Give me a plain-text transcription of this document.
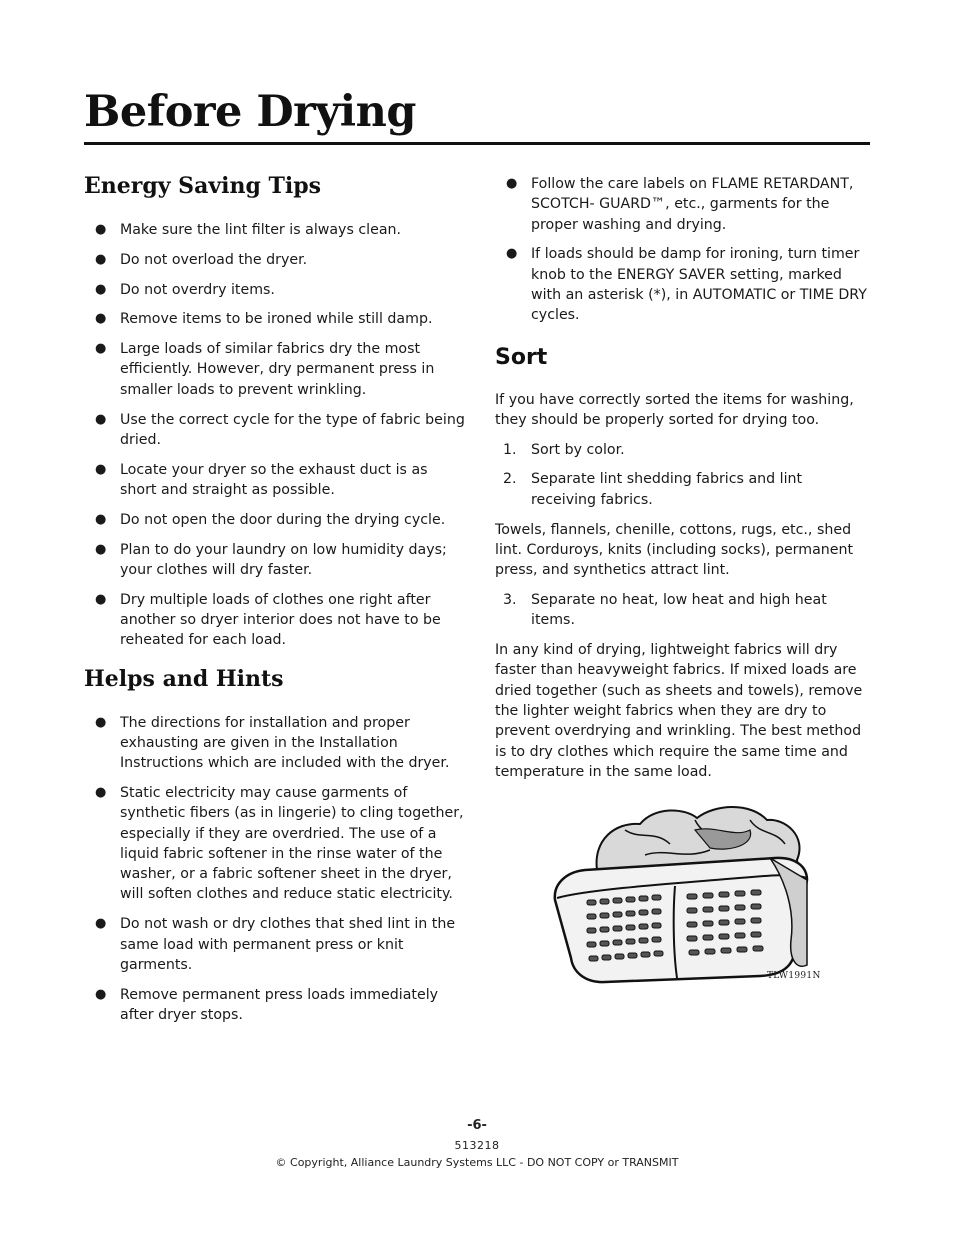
Before Drying
Energy Saving Tips
● Make sure the lint filter is always clean.
● Do not overload the dryer.
● Do not overdry items.
● Remove items to be ironed while still damp.
● Large loads of similar fabrics dry the most efficiently. However, dry permanent press in smaller loads to prevent wrinkling.
● Use the correct cycle for the type of fabric being dried.
● Locate your dryer so the exhaust duct is as short and straight as possible.
● Do not open the door during the drying cycle.
● Plan to do your laundry on low humidity days; your clothes will dry faster.
● Dry multiple loads of clothes one right after another so dryer interior does not have to be reheated for each load.
Helps and Hints
● The directions for installation and proper exhausting are given in the Installation Instructions which are included with the dryer.
● Static electricity may cause garments of synthetic fibers (as in lingerie) to cling together, especially if they are overdried. The use of a liquid fabric softener in the rinse water of the washer, or a fabric softener sheet in the dryer, will soften clothes and reduce static electricity.
● Do not wash or dry clothes that shed lint in the same load with permanent press or knit garments.
● Remove permanent press loads immediately after dryer stops.
● Follow the care labels on FLAME RETARDANT, SCOTCH- GUARD™, etc., garments for the proper washing and drying.
● If loads should be damp for ironing, turn timer knob to the ENERGY SAVER setting, marked with an asterisk (*), in AUTOMATIC or TIME DRY cycles.
Sort

If you have correctly sorted the items for washing, they should be properly sorted for drying too.

1. Sort by color.
2. Separate lint shedding fabrics and lint receiving fabrics.

Towels, flannels, chenille, cottons, rugs, etc., shed lint. Corduroys, knits (including socks), permanent press, and synthetics attract lint.

3. Separate no heat, low heat and high heat items.

In any kind of drying, lightweight fabrics will dry faster than heavyweight fabrics. If mixed loads are dried together (such as sheets and towels), remove the lighter weight fabrics when they are dry to prevent overdrying and wrinkling. The best method is to dry clothes which require the same time and temperature in the same load.

TLW1991N
-6-
513218
© Copyright, Alliance Laundry Systems LLC - DO NOT COPY or TRANSMIT
